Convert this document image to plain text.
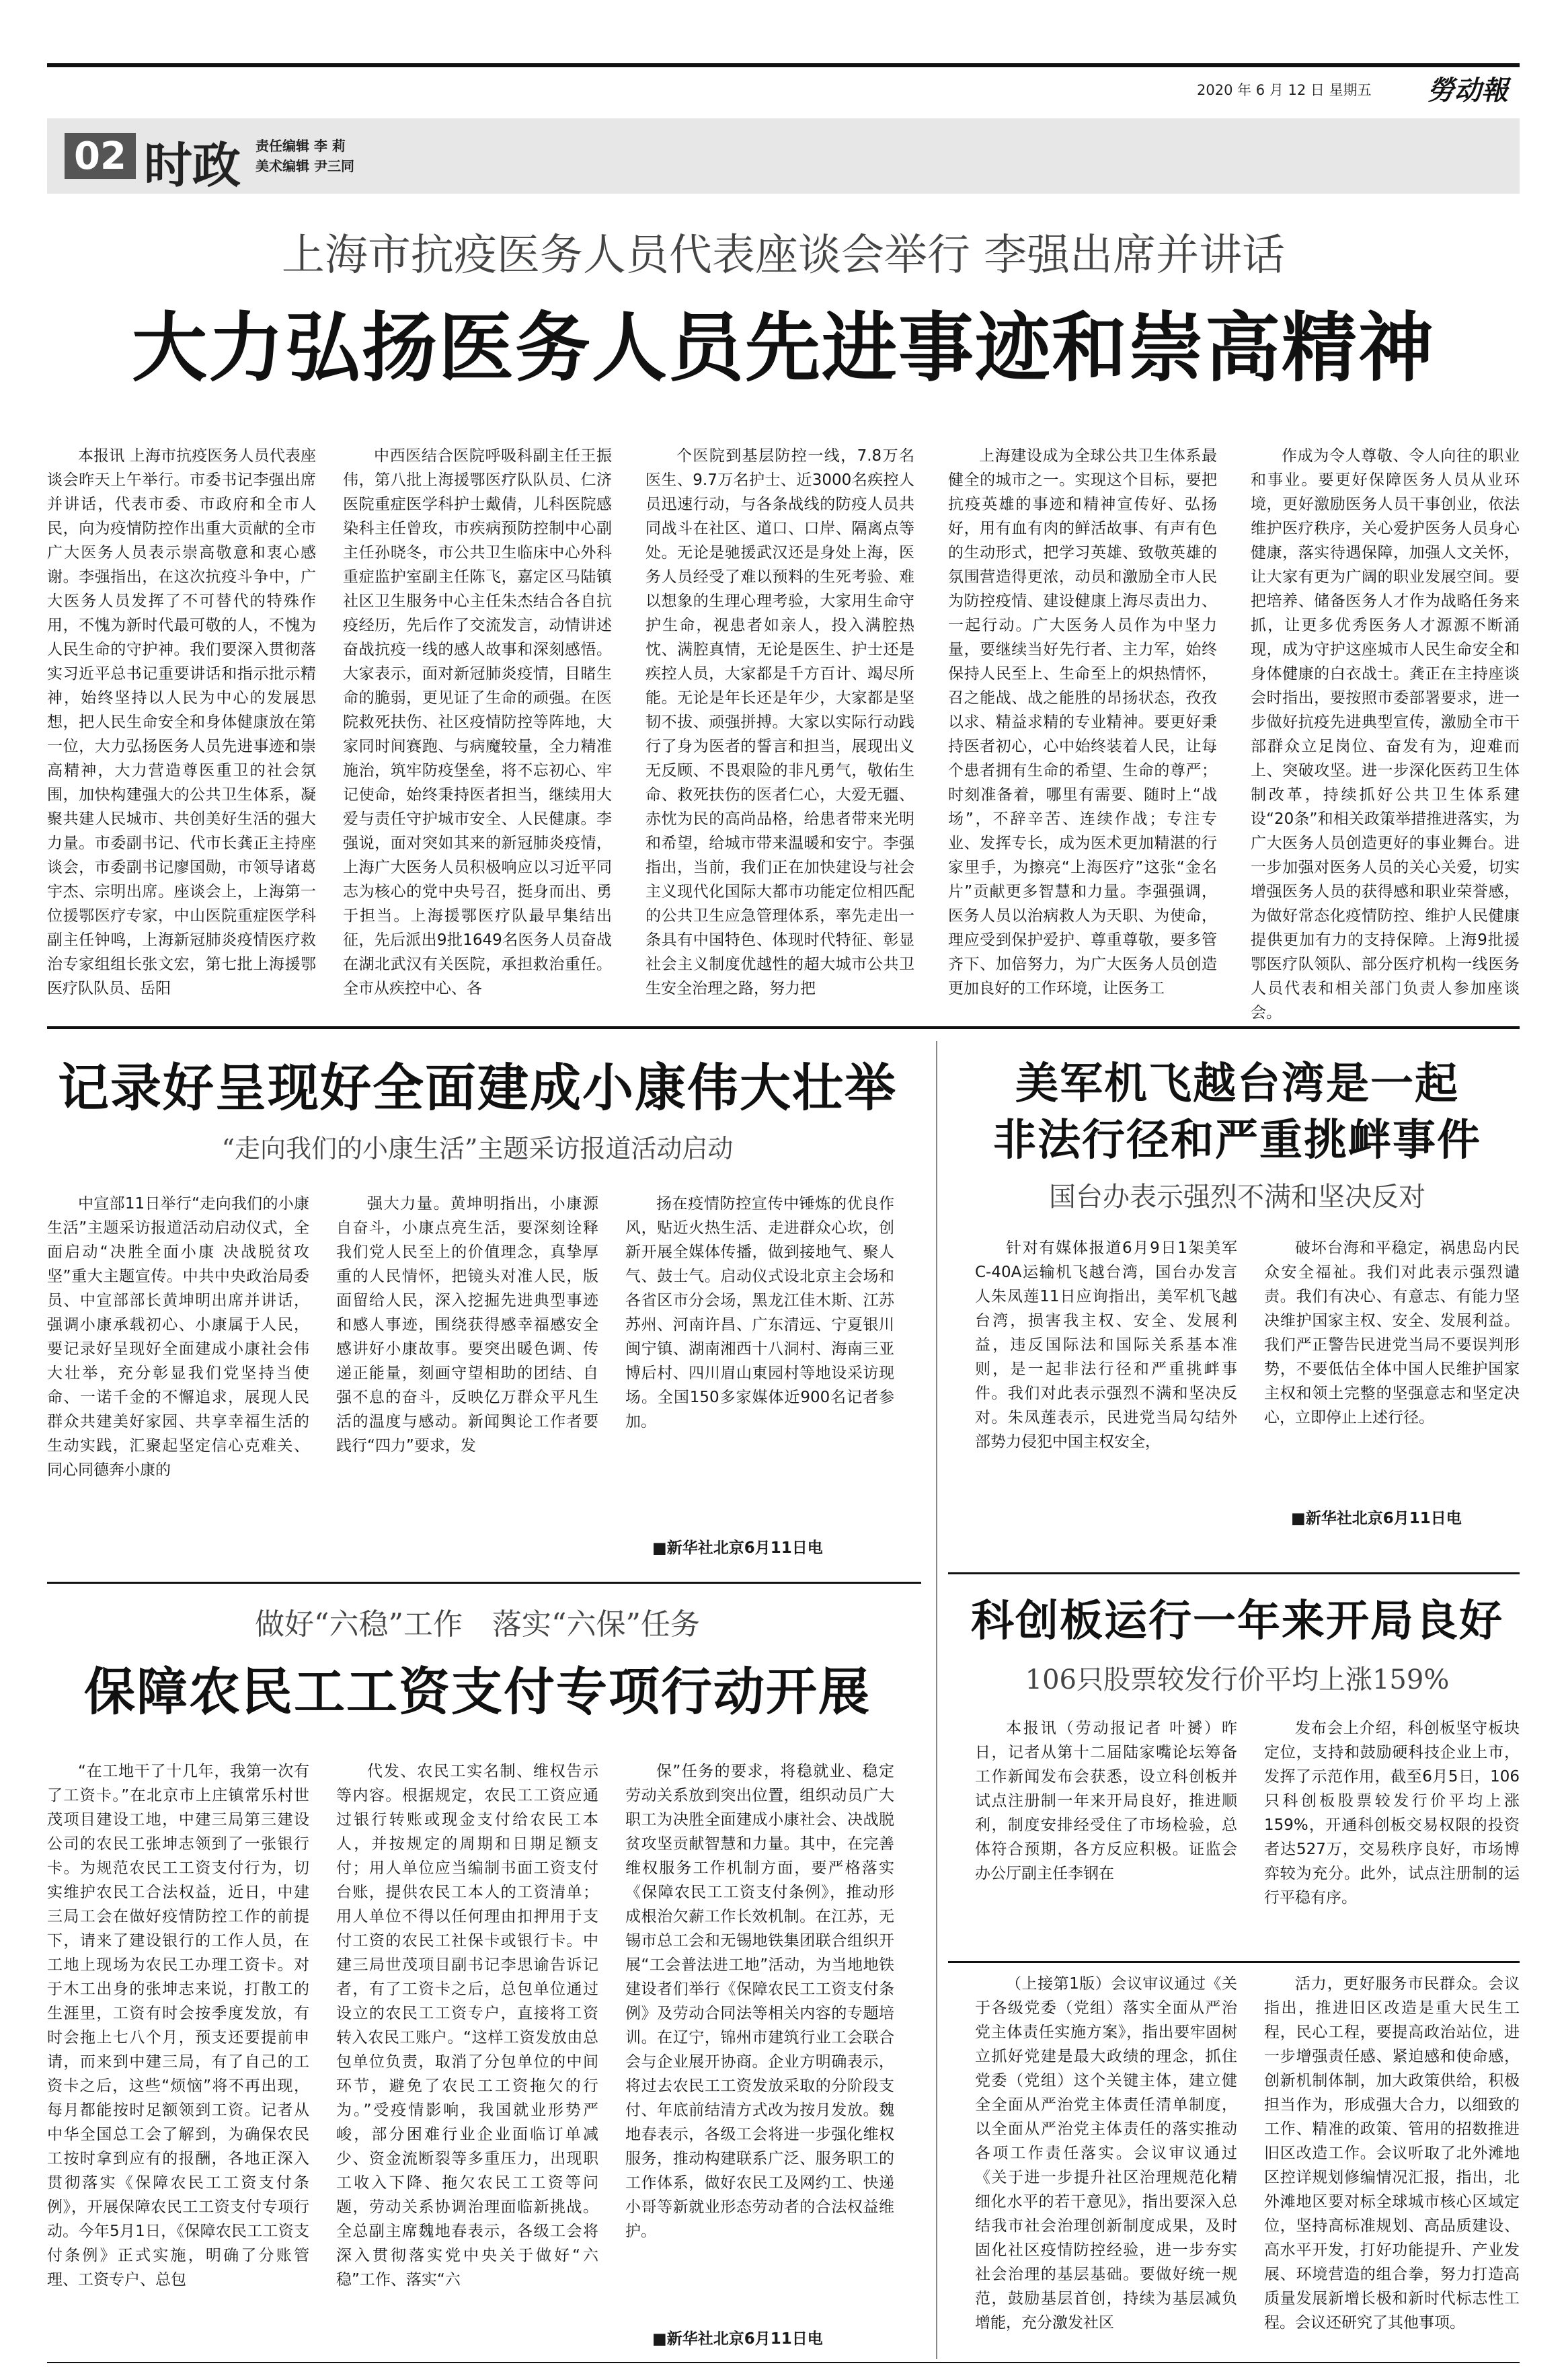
2020 年 6 月 12 日 星期五	勞动報
02 时政 责任编辑 李 莉
美术编辑 尹三同
上海市抗疫医务人员代表座谈会举行 李强出席并讲话
大力弘扬医务人员先进事迹和崇高精神
本报讯 上海市抗疫医务人员代表座谈会昨天上午举行。市委书记李强出席并讲话，代表市委、市政府和全市人民，向为疫情防控作出重大贡献的全市广大医务人员表示崇高敬意和衷心感谢。李强指出，在这次抗疫斗争中，广大医务人员发挥了不可替代的特殊作用，不愧为新时代最可敬的人，不愧为人民生命的守护神。我们要深入贯彻落实习近平总书记重要讲话和指示批示精神，始终坚持以人民为中心的发展思想，把人民生命安全和身体健康放在第一位，大力弘扬医务人员先进事迹和崇高精神，大力营造尊医重卫的社会氛围，加快构建强大的公共卫生体系，凝聚共建人民城市、共创美好生活的强大力量。市委副书记、代市长龚正主持座谈会，市委副书记廖国勋，市领导诸葛宇杰、宗明出席。座谈会上，上海第一位援鄂医疗专家，中山医院重症医学科副主任钟鸣，上海新冠肺炎疫情医疗救治专家组组长张文宏，第七批上海援鄂医疗队队员、岳阳
中西医结合医院呼吸科副主任王振伟，第八批上海援鄂医疗队队员、仁济医院重症医学科护士戴倩，儿科医院感染科主任曾玫，市疾病预防控制中心副主任孙晓冬，市公共卫生临床中心外科重症监护室副主任陈飞，嘉定区马陆镇社区卫生服务中心主任朱杰结合各自抗疫经历，先后作了交流发言，动情讲述奋战抗疫一线的感人故事和深刻感悟。大家表示，面对新冠肺炎疫情，目睹生命的脆弱，更见证了生命的顽强。在医院救死扶伤、社区疫情防控等阵地，大家同时间赛跑、与病魔较量，全力精准施治，筑牢防疫堡垒，将不忘初心、牢记使命，始终秉持医者担当，继续用大爱与责任守护城市安全、人民健康。李强说，面对突如其来的新冠肺炎疫情，上海广大医务人员积极响应以习近平同志为核心的党中央号召，挺身而出、勇于担当。上海援鄂医疗队最早集结出征，先后派出9批1649名医务人员奋战在湖北武汉有关医院，承担救治重任。全市从疾控中心、各
个医院到基层防控一线，7.8万名医生、9.7万名护士、近3000名疾控人员迅速行动，与各条战线的防疫人员共同战斗在社区、道口、口岸、隔离点等处。无论是驰援武汉还是身处上海，医务人员经受了难以预料的生死考验、难以想象的生理心理考验，大家用生命守护生命，视患者如亲人，投入满腔热忱、满腔真情，无论是医生、护士还是疾控人员，大家都是千方百计、竭尽所能。无论是年长还是年少，大家都是坚韧不拔、顽强拼搏。大家以实际行动践行了身为医者的誓言和担当，展现出义无反顾、不畏艰险的非凡勇气，敬佑生命、救死扶伤的医者仁心，大爱无疆、赤忱为民的高尚品格，给患者带来光明和希望，给城市带来温暖和安宁。李强指出，当前，我们正在加快建设与社会主义现代化国际大都市功能定位相匹配的公共卫生应急管理体系，率先走出一条具有中国特色、体现时代特征、彰显社会主义制度优越性的超大城市公共卫生安全治理之路，努力把
上海建设成为全球公共卫生体系最健全的城市之一。实现这个目标，要把抗疫英雄的事迹和精神宣传好、弘扬好，用有血有肉的鲜活故事、有声有色的生动形式，把学习英雄、致敬英雄的氛围营造得更浓，动员和激励全市人民为防控疫情、建设健康上海尽责出力、一起行动。广大医务人员作为中坚力量，要继续当好先行者、主力军，始终保持人民至上、生命至上的炽热情怀，召之能战、战之能胜的昂扬状态，孜孜以求、精益求精的专业精神。要更好秉持医者初心，心中始终装着人民，让每个患者拥有生命的希望、生命的尊严；时刻准备着，哪里有需要、随时上“战场”，不辞辛苦、连续作战；专注专业、发挥专长，成为医术更加精湛的行家里手，为擦亮“上海医疗”这张“金名片”贡献更多智慧和力量。李强强调，医务人员以治病救人为天职、为使命，理应受到保护爱护、尊重尊敬，要多管齐下、加倍努力，为广大医务人员创造更加良好的工作环境，让医务工
作成为令人尊敬、令人向往的职业和事业。要更好保障医务人员从业环境，更好激励医务人员干事创业，依法维护医疗秩序，关心爱护医务人员身心健康，落实待遇保障，加强人文关怀，让大家有更为广阔的职业发展空间。要把培养、储备医务人才作为战略任务来抓，让更多优秀医务人才源源不断涌现，成为守护这座城市人民生命安全和身体健康的白衣战士。龚正在主持座谈会时指出，要按照市委部署要求，进一步做好抗疫先进典型宣传，激励全市干部群众立足岗位、奋发有为，迎难而上、突破攻坚。进一步深化医药卫生体制改革，持续抓好公共卫生体系建设“20条”和相关政策举措推进落实，为广大医务人员创造更好的事业舞台。进一步加强对医务人员的关心关爱，切实增强医务人员的获得感和职业荣誉感，为做好常态化疫情防控、维护人民健康提供更加有力的支持保障。上海9批援鄂医疗队领队、部分医疗机构一线医务人员代表和相关部门负责人参加座谈会。
记录好呈现好全面建成小康伟大壮举
“走向我们的小康生活”主题采访报道活动启动
中宣部11日举行“走向我们的小康生活”主题采访报道活动启动仪式，全面启动“决胜全面小康 决战脱贫攻坚”重大主题宣传。中共中央政治局委员、中宣部部长黄坤明出席并讲话，强调小康承载初心、小康属于人民，要记录好呈现好全面建成小康社会伟大壮举，充分彰显我们党坚持当使命、一诺千金的不懈追求，展现人民群众共建美好家园、共享幸福生活的生动实践，汇聚起坚定信心克难关、同心同德奔小康的
强大力量。黄坤明指出，小康源自奋斗，小康点亮生活，要深刻诠释我们党人民至上的价值理念，真挚厚重的人民情怀，把镜头对准人民，版面留给人民，深入挖掘先进典型事迹和感人事迹，围绕获得感幸福感安全感讲好小康故事。要突出暖色调、传递正能量，刻画守望相助的团结、自强不息的奋斗，反映亿万群众平凡生活的温度与感动。新闻舆论工作者要践行“四力”要求，发
扬在疫情防控宣传中锤炼的优良作风，贴近火热生活、走进群众心坎，创新开展全媒体传播，做到接地气、聚人气、鼓士气。启动仪式设北京主会场和各省区市分会场，黑龙江佳木斯、江苏苏州、河南许昌、广东清远、宁夏银川闽宁镇、湖南湘西十八洞村、海南三亚博后村、四川眉山東园村等地设采访现场。全国150多家媒体近900名记者参加。
■新华社北京6月11日电
美军机飞越台湾是一起
非法行径和严重挑衅事件
国台办表示强烈不满和坚决反对
针对有媒体报道6月9日1架美军C-40A运输机飞越台湾，国台办发言人朱凤莲11日应询指出，美军机飞越台湾，损害我主权、安全、发展利益，违反国际法和国际关系基本准则，是一起非法行径和严重挑衅事件。我们对此表示强烈不满和坚决反对。朱凤莲表示，民进党当局勾结外部势力侵犯中国主权安全，
破坏台海和平稳定，祸患岛内民众安全福祉。我们对此表示强烈谴责。我们有决心、有意志、有能力坚决维护国家主权、安全、发展利益。我们严正警告民进党当局不要误判形势，不要低估全体中国人民维护国家主权和领土完整的坚强意志和坚定决心，立即停止上述行径。
■新华社北京6月11日电
做好“六稳”工作　落实“六保”任务
保障农民工工资支付专项行动开展
“在工地干了十几年，我第一次有了工资卡。”在北京市上庄镇常乐村世茂项目建设工地，中建三局第三建设公司的农民工张坤志领到了一张银行卡。为规范农民工工资支付行为，切实维护农民工合法权益，近日，中建三局工会在做好疫情防控工作的前提下，请来了建设银行的工作人员，在工地上现场为农民工办理工资卡。对于木工出身的张坤志来说，打散工的生涯里，工资有时会按季度发放，有时会拖上七八个月，预支还要提前申请，而来到中建三局，有了自己的工资卡之后，这些“烦恼”将不再出现，每月都能按时足额领到工资。记者从中华全国总工会了解到，为确保农民工按时拿到应有的报酬，各地正深入贯彻落实《保障农民工工资支付条例》，开展保障农民工工资支付专项行动。今年5月1日，《保障农民工工资支付条例》正式实施，明确了分账管理、工资专户、总包
代发、农民工实名制、维权告示等内容。根据规定，农民工工资应通过银行转账或现金支付给农民工本人，并按规定的周期和日期足额支付；用人单位应当编制书面工资支付台账，提供农民工本人的工资清单；用人单位不得以任何理由扣押用于支付工资的农民工社保卡或银行卡。中建三局世茂项目副书记李思谕告诉记者，有了工资卡之后，总包单位通过设立的农民工工资专户，直接将工资转入农民工账户。“这样工资发放由总包单位负责，取消了分包单位的中间环节，避免了农民工工资拖欠的行为。”受疫情影响，我国就业形势严峻，部分困难行业企业面临订单减少、资金流断裂等多重压力，出现职工收入下降、拖欠农民工工资等问题，劳动关系协调治理面临新挑战。全总副主席魏地春表示，各级工会将深入贯彻落实党中央关于做好“六稳”工作、落实“六
保”任务的要求，将稳就业、稳定劳动关系放到突出位置，组织动员广大职工为决胜全面建成小康社会、决战脱贫攻坚贡献智慧和力量。其中，在完善维权服务工作机制方面，要严格落实《保障农民工工资支付条例》，推动形成根治欠薪工作长效机制。在江苏，无锡市总工会和无锡地铁集团联合组织开展“工会普法进工地”活动，为当地地铁建设者们举行《保障农民工工资支付条例》及劳动合同法等相关内容的专题培训。在辽宁，锦州市建筑行业工会联合会与企业展开协商。企业方明确表示，将过去农民工工资发放采取的分阶段支付、年底前结清方式改为按月发放。魏地春表示，各级工会将进一步强化维权服务，推动构建联系广泛、服务职工的工作体系，做好农民工及网约工、快递小哥等新就业形态劳动者的合法权益维护。
■新华社北京6月11日电
科创板运行一年来开局良好
106只股票较发行价平均上涨159%
本报讯（劳动报记者 叶赟）昨日，记者从第十二届陆家嘴论坛筹备工作新闻发布会获悉，设立科创板并试点注册制一年来开局良好，推进顺利，制度安排经受住了市场检验，总体符合预期，各方反应积极。证监会办公厅副主任李钢在
发布会上介绍，科创板坚守板块定位，支持和鼓励硬科技企业上市，发挥了示范作用，截至6月5日，106只科创板股票较发行价平均上涨159%，开通科创板交易权限的投资者达527万，交易秩序良好，市场博弈较为充分。此外，试点注册制的运行平稳有序。
（上接第1版）会议审议通过《关于各级党委（党组）落实全面从严治党主体责任实施方案》，指出要牢固树立抓好党建是最大政绩的理念，抓住党委（党组）这个关键主体，建立健全全面从严治党主体责任清单制度，以全面从严治党主体责任的落实推动各项工作责任落实。会议审议通过《关于进一步提升社区治理规范化精细化水平的若干意见》，指出要深入总结我市社会治理创新制度成果，及时固化社区疫情防控经验，进一步夯实社会治理的基层基础。要做好统一规范，鼓励基层首创，持续为基层减负增能，充分激发社区
活力，更好服务市民群众。会议指出，推进旧区改造是重大民生工程，民心工程，要提高政治站位，进一步增强责任感、紧迫感和使命感，创新机制体制，加大政策供给，积极担当作为，形成强大合力，以细致的工作、精准的政策、管用的招数推进旧区改造工作。会议听取了北外滩地区控详规划修编情况汇报，指出，北外滩地区要对标全球城市核心区域定位，坚持高标准规划、高品质建设、高水平开发，打好功能提升、产业发展、环境营造的组合拳，努力打造高质量发展新增长极和新时代标志性工程。会议还研究了其他事项。
